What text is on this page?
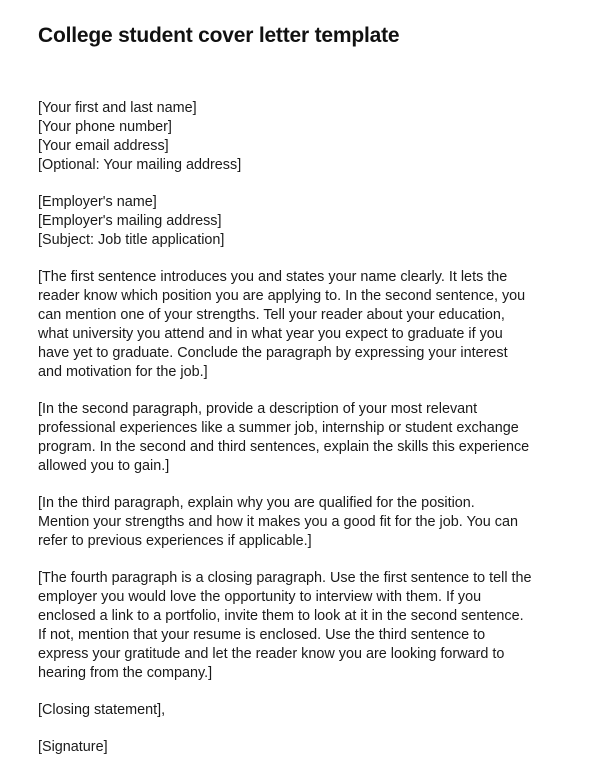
College student cover letter template
[Your first and last name]
[Your phone number]
[Your email address]
[Optional: Your mailing address]
[Employer's name]
[Employer's mailing address]
[Subject: Job title application]
[The first sentence introduces you and states your name clearly. It lets the
reader know which position you are applying to. In the second sentence, you
can mention one of your strengths. Tell your reader about your education,
what university you attend and in what year you expect to graduate if you
have yet to graduate. Conclude the paragraph by expressing your interest
and motivation for the job.]
[In the second paragraph, provide a description of your most relevant
professional experiences like a summer job, internship or student exchange
program. In the second and third sentences, explain the skills this experience
allowed you to gain.]
[In the third paragraph, explain why you are qualified for the position.
Mention your strengths and how it makes you a good fit for the job. You can
refer to previous experiences if applicable.]
[The fourth paragraph is a closing paragraph. Use the first sentence to tell the
employer you would love the opportunity to interview with them. If you
enclosed a link to a portfolio, invite them to look at it in the second sentence.
If not, mention that your resume is enclosed. Use the third sentence to
express your gratitude and let the reader know you are looking forward to
hearing from the company.]
[Closing statement],
[Signature]
